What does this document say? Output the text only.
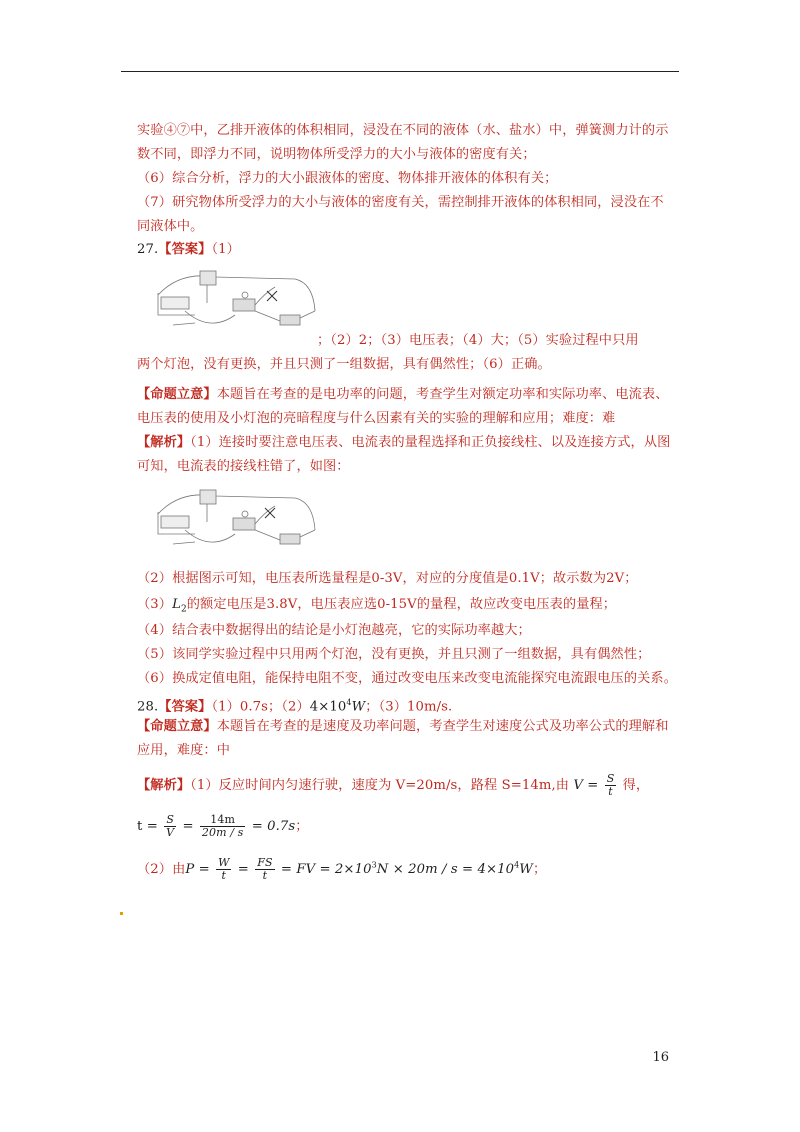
实验④⑦中，乙排开液体的体积相同，浸没在不同的液体（水、盐水）中，弹簧测力计的示
数不同，即浮力不同，说明物体所受浮力的大小与液体的密度有关；
（6）综合分析，浮力的大小跟液体的密度、物体排开液体的体积有关；
（7）研究物体所受浮力的大小与液体的密度有关，需控制排开液体的体积相同，浸没在不
同液体中。
27.【答案】（1）
；（2）2；（3）电压表；（4）大；（5）实验过程中只用
两个灯泡，没有更换，并且只测了一组数据，具有偶然性；（6）正确。
【命题立意】本题旨在考查的是电功率的问题，考查学生对额定功率和实际功率、电流表、
电压表的使用及小灯泡的亮暗程度与什么因素有关的实验的理解和应用；难度：难
【解析】（1）连接时要注意电压表、电流表的量程选择和正负接线柱、以及连接方式，从图
可知，电流表的接线柱错了，如图：
（2）根据图示可知，电压表所选量程是0-3V，对应的分度值是0.1V；故示数为2V；
$(3)L_2$的额定电压是3.8V，电压表应选0-15V的量程，故应改变电压表的量程；
（4）结合表中数据得出的结论是小灯泡越亮，它的实际功率越大；
（5）该同学实验过程中只用两个灯泡，没有更换，并且只测了一组数据，具有偶然性；
（6）换成定值电阻，能保持电阻不变，通过改变电压来改变电流能探究电流跟电压的关系。
28.【答案】（1）0.7s；$(2)4\times 10^4W$；（3）10m/s.
【命题立意】本题旨在考查的是速度及功率问题，考查学生对速度公式及功率公式的理解和
应用，难度：中
【解析】（1）反应时间内匀速行驶，速度为 V=20m/s，路程 S=14m,由 $V = \frac{S}{t}$ 得，
$t = \frac{S}{V} = \frac{14m}{20m / s} = 0.7s$；
（2）由$P = \frac{W}{t} = \frac{FS}{t}$ = FV = $2\times 10^3N \times 20m / s = 4\times 10^4W$；
16
